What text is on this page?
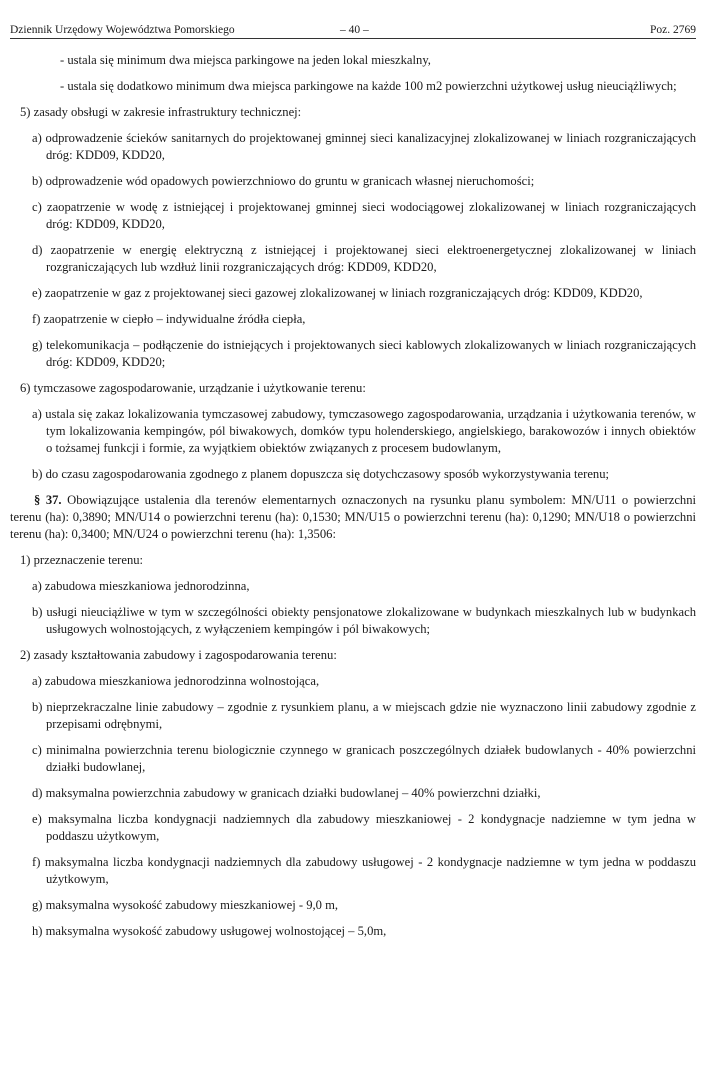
Dziennik Urzędowy Województwa Pomorskiego	– 40 –	Poz. 2769

- ustala się minimum dwa miejsca parkingowe na jeden lokal mieszkalny,

- ustala się dodatkowo minimum dwa miejsca parkingowe na każde 100 m2 powierzchni użytkowej usług nieuciążliwych;

5) zasady obsługi w zakresie infrastruktury technicznej:

a) odprowadzenie ścieków sanitarnych do projektowanej gminnej sieci kanalizacyjnej zlokalizowanej w liniach rozgraniczających dróg: KDD09, KDD20,

b) odprowadzenie wód opadowych powierzchniowo do gruntu w granicach własnej nieruchomości;

c) zaopatrzenie w wodę z istniejącej i projektowanej gminnej sieci wodociągowej zlokalizowanej w liniach rozgraniczających dróg: KDD09, KDD20,

d) zaopatrzenie w energię elektryczną z istniejącej i projektowanej sieci elektroenergetycznej zlokalizowanej w liniach rozgraniczających lub wzdłuż linii rozgraniczających dróg: KDD09, KDD20,

e) zaopatrzenie w gaz z projektowanej sieci gazowej zlokalizowanej w liniach rozgraniczających dróg: KDD09, KDD20,

f) zaopatrzenie w ciepło – indywidualne źródła ciepła,

g) telekomunikacja – podłączenie do istniejących i projektowanych sieci kablowych zlokalizowanych w liniach rozgraniczających dróg: KDD09, KDD20;

6) tymczasowe zagospodarowanie, urządzanie i użytkowanie terenu:

a) ustala się zakaz lokalizowania tymczasowej zabudowy, tymczasowego zagospodarowania, urządzania i użytkowania terenów, w tym lokalizowania kempingów, pól biwakowych, domków typu holenderskiego, angielskiego, barakowozów i innych obiektów o tożsamej funkcji i formie, za wyjątkiem obiektów związanych z procesem budowlanym,

b) do czasu zagospodarowania zgodnego z planem dopuszcza się dotychczasowy sposób wykorzystywania terenu;

§ 37. Obowiązujące ustalenia dla terenów elementarnych oznaczonych na rysunku planu symbolem: MN/U11 o powierzchni terenu (ha): 0,3890; MN/U14 o powierzchni terenu (ha): 0,1530; MN/U15 o powierzchni terenu (ha): 0,1290; MN/U18 o powierzchni terenu (ha): 0,3400; MN/U24 o powierzchni terenu (ha): 1,3506:

1) przeznaczenie terenu:

a) zabudowa mieszkaniowa jednorodzinna,

b) usługi nieuciążliwe w tym w szczególności obiekty pensjonatowe zlokalizowane w budynkach mieszkalnych lub w budynkach usługowych wolnostojących, z wyłączeniem kempingów i pól biwakowych;

2) zasady kształtowania zabudowy i zagospodarowania terenu:

a) zabudowa mieszkaniowa jednorodzinna wolnostojąca,

b) nieprzekraczalne linie zabudowy – zgodnie z rysunkiem planu, a w miejscach gdzie nie wyznaczono linii zabudowy zgodnie z przepisami odrębnymi,

c) minimalna powierzchnia terenu biologicznie czynnego w granicach poszczególnych działek budowlanych - 40% powierzchni działki budowlanej,

d) maksymalna powierzchnia zabudowy w granicach działki budowlanej – 40% powierzchni działki,

e) maksymalna liczba kondygnacji nadziemnych dla zabudowy mieszkaniowej - 2 kondygnacje nadziemne w tym jedna w poddaszu użytkowym,

f) maksymalna liczba kondygnacji nadziemnych dla zabudowy usługowej - 2 kondygnacje nadziemne w tym jedna w poddaszu użytkowym,

g) maksymalna wysokość zabudowy mieszkaniowej - 9,0 m,

h) maksymalna wysokość zabudowy usługowej wolnostojącej – 5,0m,
